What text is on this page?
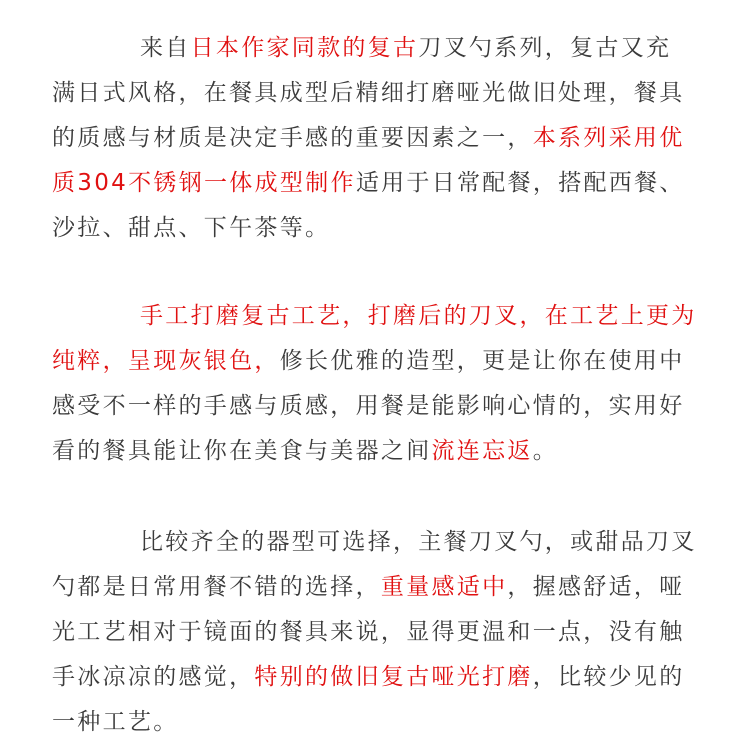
来自日本作家同款的复古刀叉勺系列，复古又充
满日式风格，在餐具成型后精细打磨哑光做旧处理，餐具
的质感与材质是决定手感的重要因素之一，本系列采用优
质304不锈钢一体成型制作适用于日常配餐，搭配西餐、
沙拉、甜点、下午茶等。
手工打磨复古工艺，打磨后的刀叉，在工艺上更为
纯粹，呈现灰银色，修长优雅的造型，更是让你在使用中
感受不一样的手感与质感，用餐是能影响心情的，实用好
看的餐具能让你在美食与美器之间流连忘返。
比较齐全的器型可选择，主餐刀叉勺，或甜品刀叉
勺都是日常用餐不错的选择，重量感适中，握感舒适，哑
光工艺相对于镜面的餐具来说，显得更温和一点，没有触
手冰凉凉的感觉，特别的做旧复古哑光打磨，比较少见的
一种工艺。
